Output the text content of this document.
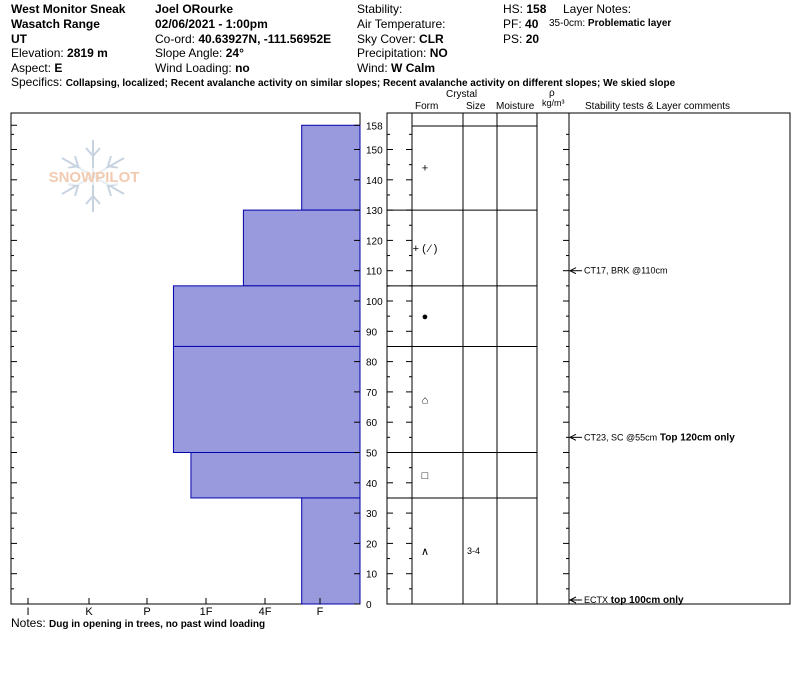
West Monitor Sneak
Wasatch Range
UT
Elevation: 2819 m
Aspect: E
Joel ORourke
02/06/2021 - 1:00pm
Co-ord: 40.63927N, -111.56952E
Slope Angle: 24°
Wind Loading: no
Stability:
Air Temperature:
Sky Cover: CLR
Precipitation: NO
Wind: W Calm
HS: 158
PF: 40
PS: 20
Layer Notes:
35-0cm: Problematic layer
Specifics: Collapsing, localized; Recent avalanche activity on similar slopes; Recent avalanche activity on different slopes; We skied slope
Crystal
Form	Size Moisture
ρ
kg/m³ Stability tests & Layer comments
SNOWPILOT
I	K	P	1F	4F	F
0
10
20
30
40
50
60
70
80
90
100
110
120
130
140
150
158
+
+ ( ⁄ )
●
⌂
□
∧	3-4
CT17, BRK @110cm
CT23, SC @55cm Top 120cm only
ECTX top 100cm only
Notes: Dug in opening in trees, no past wind loading
